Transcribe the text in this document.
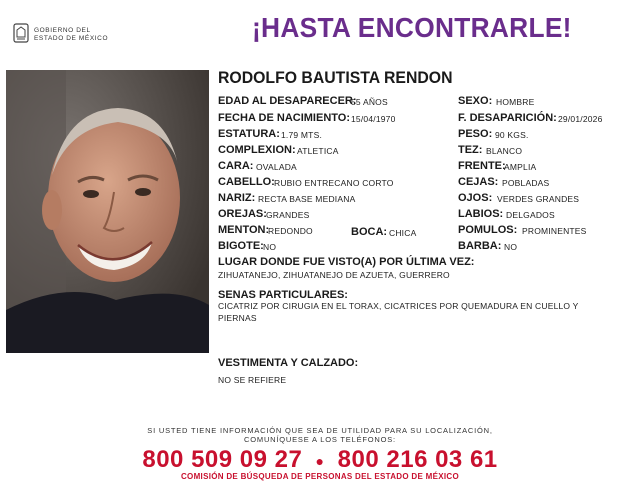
GOBIERNO DEL
ESTADO DE MÉXICO	¡HASTA ENCONTRARLE!
RODOLFO BAUTISTA RENDON
EDAD AL DESAPARECER:
55 AÑOS
FECHA DE NACIMIENTO: 15/04/1970
ESTATURA: 1.79 MTS.
COMPLEXION: ATLETICA
CARA: OVALADA
CABELLO: RUBIO ENTRECANO CORTO
NARIZ: RECTA BASE MEDIANA
OREJAS: GRANDES
MENTON:
REDONDO	BOCA: CHICA
BIGOTE: NO
SEXO: HOMBRE
F. DESAPARICIÓN: 29/01/2026
PESO: 90 KGS.
TEZ: BLANCO
FRENTE:
AMPLIA
CEJAS: POBLADAS
OJOS: VERDES GRANDES
LABIOS: DELGADOS
POMULOS: PROMINENTES
BARBA: NO
LUGAR DONDE FUE VISTO(A) POR ÚLTIMA VEZ:
ZIHUATANEJO, ZIHUATANEJO DE AZUETA, GUERRERO
SENAS PARTICULARES:
CICATRIZ POR CIRUGIA EN EL TORAX, CICATRICES POR QUEMADURA EN CUELLO Y PIERNAS
VESTIMENTA Y CALZADO:
NO SE REFIERE
SI USTED TIENE INFORMACIÓN QUE SEA DE UTILIDAD PARA SU LOCALIZACIÓN,
COMUNÍQUESE A LOS TELÉFONOS:
800 509 09 27 ● 800 216 03 61
COMISIÓN DE BÚSQUEDA DE PERSONAS DEL ESTADO DE MÉXICO
